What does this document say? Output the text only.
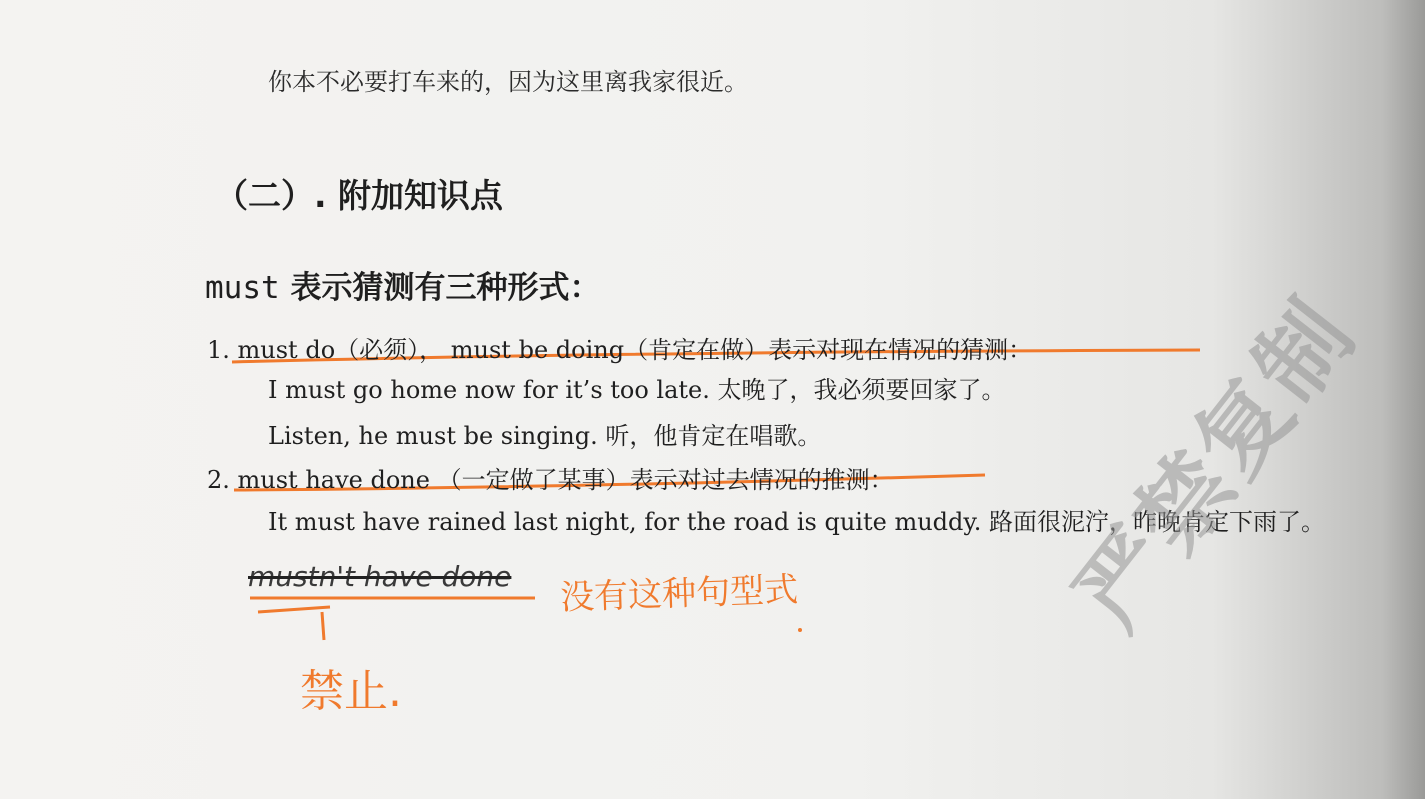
你本不必要打车来的，因为这里离我家很近。
（二）. 附加知识点
must 表示猜测有三种形式：
1. must do（必须）， must be doing（肯定在做）表示对现在情况的猜测：
I must go home now for it’s too late. 太晚了，我必须要回家了。
Listen, he must be singing. 听，他肯定在唱歌。
2. must have done （一定做了某事）表示对过去情况的推测：
It must have rained last night, for the road is quite muddy. 路面很泥泞，昨晚肯定下雨了。
mustn't have done 没有这种句型式
禁止.
严禁复制
